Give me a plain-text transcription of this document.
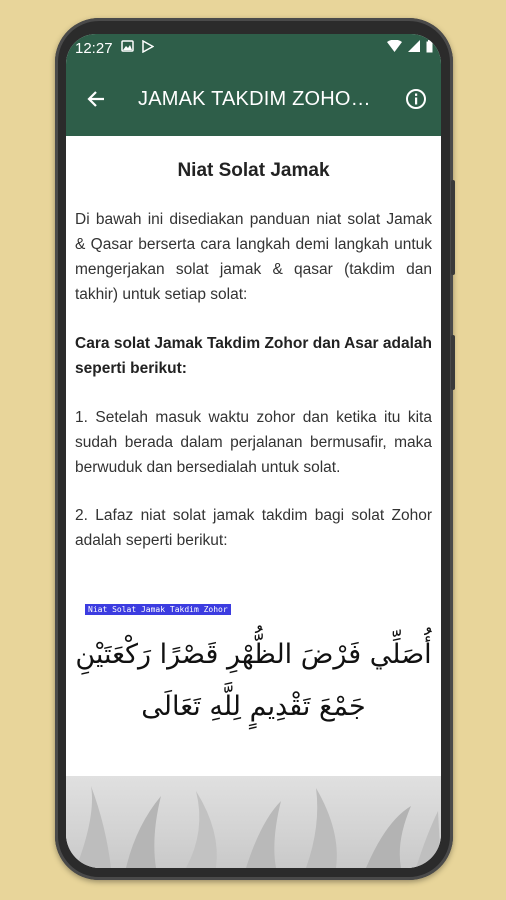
12:27
JAMAK TAKDIM ZOHO…
Niat Solat Jamak

Di bawah ini disediakan panduan niat solat Jamak & Qasar berserta cara langkah demi langkah untuk mengerjakan solat jamak & qasar (takdim dan takhir) untuk setiap solat:

Cara solat Jamak Takdim Zohor dan Asar adalah seperti berikut:

1. Setelah masuk waktu zohor dan ketika itu kita sudah berada dalam perjalanan bermusafir, maka berwuduk dan bersedialah untuk solat.

2. Lafaz niat solat jamak takdim bagi solat Zohor adalah seperti berikut:

Niat Solat Jamak Takdim Zohor
أُصَلِّي فَرْضَ الظُّهْرِ قَصْرًا رَكْعَتَيْنِ
جَمْعَ تَقْدِيمٍ لِلَّهِ تَعَالَى
